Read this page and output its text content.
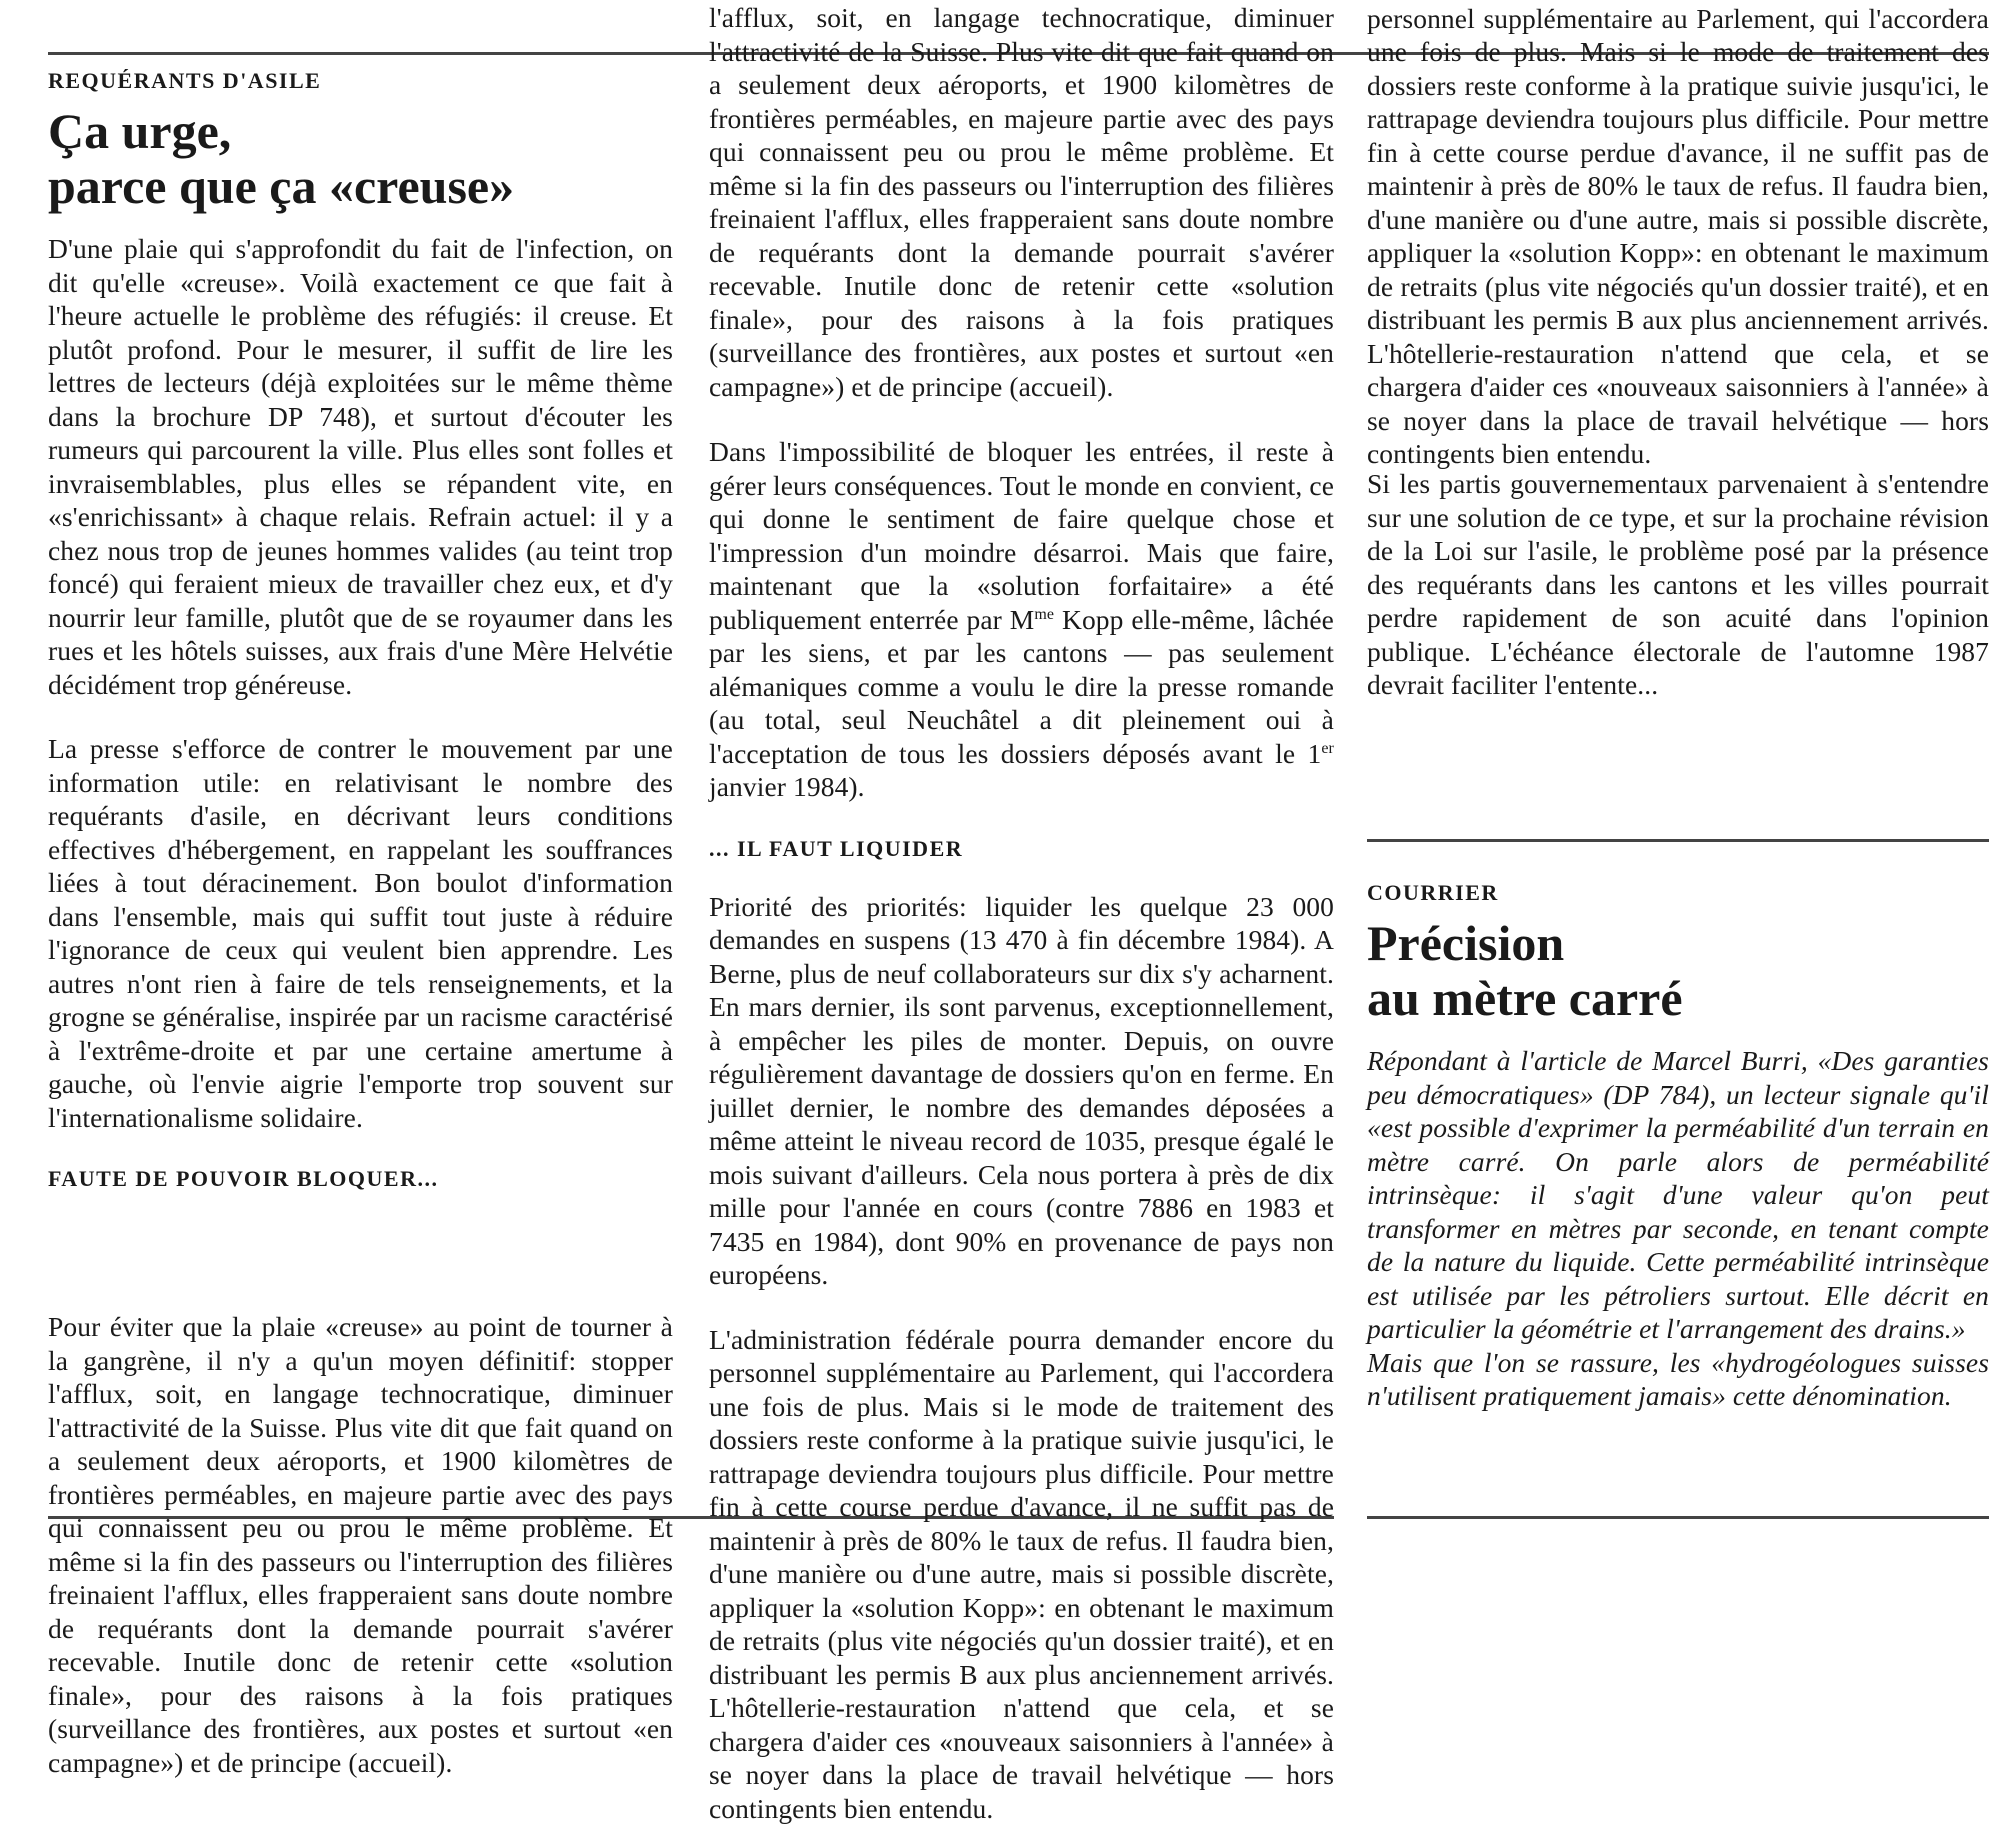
REQUÉRANTS D'ASILE
Ça urge,
parce que ça «creuse»

D'une plaie qui s'approfondit du fait de l'infection, on dit qu'elle «creuse». Voilà exactement ce que fait à l'heure actuelle le problème des réfugiés: il creuse. Et plutôt profond. Pour le mesurer, il suffit de lire les lettres de lecteurs (déjà exploitées sur le même thème dans la brochure DP 748), et surtout d'écouter les rumeurs qui parcourent la ville. Plus elles sont folles et invraisemblables, plus elles se répandent vite, en «s'enrichissant» à chaque relais. Refrain actuel: il y a chez nous trop de jeunes hommes valides (au teint trop foncé) qui feraient mieux de travailler chez eux, et d'y nourrir leur famille, plutôt que de se royaumer dans les rues et les hôtels suisses, aux frais d'une Mère Helvétie décidément trop généreuse.

La presse s'efforce de contrer le mouvement par une information utile: en relativisant le nombre des requérants d'asile, en décrivant leurs conditions effectives d'hébergement, en rappelant les souffrances liées à tout déracinement. Bon boulot d'information dans l'ensemble, mais qui suffit tout juste à réduire l'ignorance de ceux qui veulent bien apprendre. Les autres n'ont rien à faire de tels renseignements, et la grogne se généralise, inspirée par un racisme caractérisé à l'extrême-droite et par une certaine amertume à gauche, où l'envie aigrie l'emporte trop souvent sur l'internationalisme solidaire.

FAUTE DE POUVOIR BLOQUER...

Pour éviter que la plaie «creuse» au point de tourner à la gangrène, il n'y a qu'un moyen définitif: stopper l'afflux, soit, en langage technocratique, diminuer l'attractivité de la Suisse. Plus vite dit que fait quand on a seulement deux aéroports, et 1900 kilomètres de frontières perméables, en majeure partie avec des pays qui connaissent peu ou prou le même problème. Et même si la fin des passeurs ou l'interruption des filières freinaient l'afflux, elles frapperaient sans doute nombre de requérants dont la demande pourrait s'avérer recevable. Inutile donc de retenir cette «solution finale», pour des raisons à la fois pratiques (surveillance des frontières, aux postes et surtout «en campagne») et de principe (accueil).

l'afflux, soit, en langage technocratique, diminuer l'attractivité de la Suisse. Plus vite dit que fait quand on a seulement deux aéroports, et 1900 kilomètres de frontières perméables, en majeure partie avec des pays qui connaissent peu ou prou le même problème. Et même si la fin des passeurs ou l'interruption des filières freinaient l'afflux, elles frapperaient sans doute nombre de requérants dont la demande pourrait s'avérer recevable. Inutile donc de retenir cette «solution finale», pour des raisons à la fois pratiques (surveillance des frontières, aux postes et surtout «en campagne») et de principe (accueil).

Dans l'impossibilité de bloquer les entrées, il reste à gérer leurs conséquences. Tout le monde en convient, ce qui donne le sentiment de faire quelque chose et l'impression d'un moindre désarroi. Mais que faire, maintenant que la «solution forfaitaire» a été publiquement enterrée par $M^{me}$ Kopp elle-même, lâchée par les siens, et par les cantons — pas seulement alémaniques comme a voulu le dire la presse romande (au total, seul Neuchâtel a dit pleinement oui à l'acceptation de tous les dossiers déposés avant le 1er janvier 1984).

... IL FAUT LIQUIDER

Priorité des priorités: liquider les quelque 23 000 demandes en suspens (13 470 à fin décembre 1984). A Berne, plus de neuf collaborateurs sur dix s'y acharnent. En mars dernier, ils sont parvenus, exceptionnellement, à empêcher les piles de monter. Depuis, on ouvre régulièrement davantage de dossiers qu'on en ferme. En juillet dernier, le nombre des demandes déposées a même atteint le niveau record de 1035, presque égalé le mois suivant d'ailleurs. Cela nous portera à près de dix mille pour l'année en cours (contre 7886 en 1983 et 7435 en 1984), dont 90% en provenance de pays non européens.

L'administration fédérale pourra demander encore du personnel supplémentaire au Parlement, qui l'accordera une fois de plus. Mais si le mode de traitement des dossiers reste conforme à la pratique suivie jusqu'ici, le rattrapage deviendra toujours plus difficile. Pour mettre fin à cette course perdue d'avance, il ne suffit pas de maintenir à près de 80% le taux de refus. Il faudra bien, d'une manière ou d'une autre, mais si possible discrète, appliquer la «solution Kopp»: en obtenant le maximum de retraits (plus vite négociés qu'un dossier traité), et en distribuant les permis B aux plus anciennement arrivés. L'hôtellerie-restauration n'attend que cela, et se chargera d'aider ces «nouveaux saisonniers à l'année» à se noyer dans la place de travail helvétique — hors contingents bien entendu.

personnel supplémentaire au Parlement, qui l'accordera une fois de plus. Mais si le mode de traitement des dossiers reste conforme à la pratique suivie jusqu'ici, le rattrapage deviendra toujours plus difficile. Pour mettre fin à cette course perdue d'avance, il ne suffit pas de maintenir à près de 80% le taux de refus. Il faudra bien, d'une manière ou d'une autre, mais si possible discrète, appliquer la «solution Kopp»: en obtenant le maximum de retraits (plus vite négociés qu'un dossier traité), et en distribuant les permis B aux plus anciennement arrivés. L'hôtellerie-restauration n'attend que cela, et se chargera d'aider ces «nouveaux saisonniers à l'année» à se noyer dans la place de travail helvétique — hors contingents bien entendu.

Si les partis gouvernementaux parvenaient à s'entendre sur une solution de ce type, et sur la prochaine révision de la Loi sur l'asile, le problème posé par la présence des requérants dans les cantons et les villes pourrait perdre rapidement de son acuité dans l'opinion publique. L'échéance électorale de l'automne 1987 devrait faciliter l'entente...

COURRIER
Précision
au mètre carré

Répondant à l'article de Marcel Burri, «Des garanties peu démocratiques» (DP 784), un lecteur signale qu'il «est possible d'exprimer la perméabilité d'un terrain en mètre carré. On parle alors de perméabilité intrinsèque: il s'agit d'une valeur qu'on peut transformer en mètres par seconde, en tenant compte de la nature du liquide. Cette perméabilité intrinsèque est utilisée par les pétroliers surtout. Elle décrit en particulier la géométrie et l'arrangement des drains.»

Mais que l'on se rassure, les «hydrogéologues suisses n'utilisent pratiquement jamais» cette dénomination.
